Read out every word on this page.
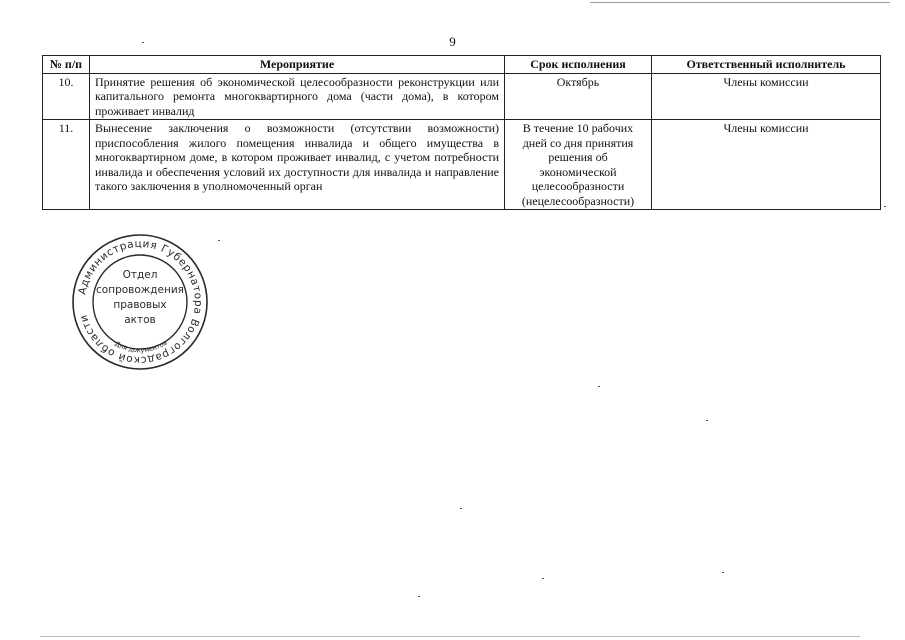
9
№ п/п	Мероприятие	Срок исполнения	Ответственный исполнитель
10.	Принятие решения об экономической целесообразности реконструкции или капитального ремонта многоквартирного дома (части дома), в котором проживает инвалид	Октябрь	Члены комиссии
11.	Вынесение заключения о возможности (отсутствии возможности) приспособления жилого помещения инвалида и общего имущества в многоквартирном доме, в котором проживает инвалид, с учетом потребности инвалида и обеспечения условий их доступности для инвалида и направление такого заключения в уполномоченный орган	В течение 10 рабочих дней со дня принятия решения об экономической целесообразности (нецелесообразности)	Члены комиссии
Администрация Губернатора Волгоградской области
Для документов
Отдел
сопровождения
правовых
актов
